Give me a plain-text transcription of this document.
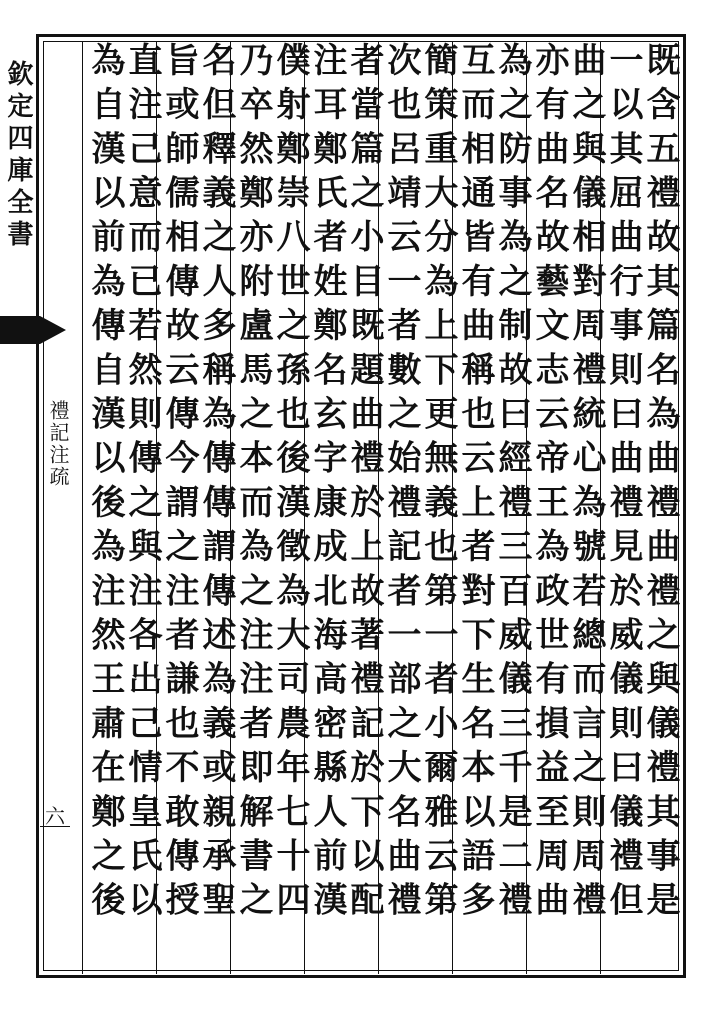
欽定四庫全書
禮記注疏
六	既含五禮故其篇名為曲禮曲禮之與儀禮其事是
一以其屈曲行事則曰曲禮見於威儀則曰儀禮但
曲之與儀相對周禮統心為號若總而言之則周禮
亦有曲名故藝文志云帝王為政世有損益至周曲
為之防事為之制故曰經禮三百威儀三千是二禮
互而相通皆有曲稱也云上者對下生名本以語多
簡策重大分為上下更無義也第一者小爾雅云第
次也呂靖云一者數之始禮記者一部之大名曲禮
者當篇之小目既題曲禮於上故著禮記於下以配
注耳鄭氏者姓鄭名玄字康成北海高密縣人前漢
僕射鄭崇八世之孫也後漢徵為大司農年七十四
乃卒然鄭亦附盧馬之本而為之注注者即解書之
名但釋義之人多稱為傳傳謂傳述為義或親承聖
旨或師儒相傳故云傳今謂之注者謙也不敢傳授
直注己意而已若然則傳之與注各出己情皇氏以
為自漢以前為傳自漢以後為注然王肅在鄭之後
